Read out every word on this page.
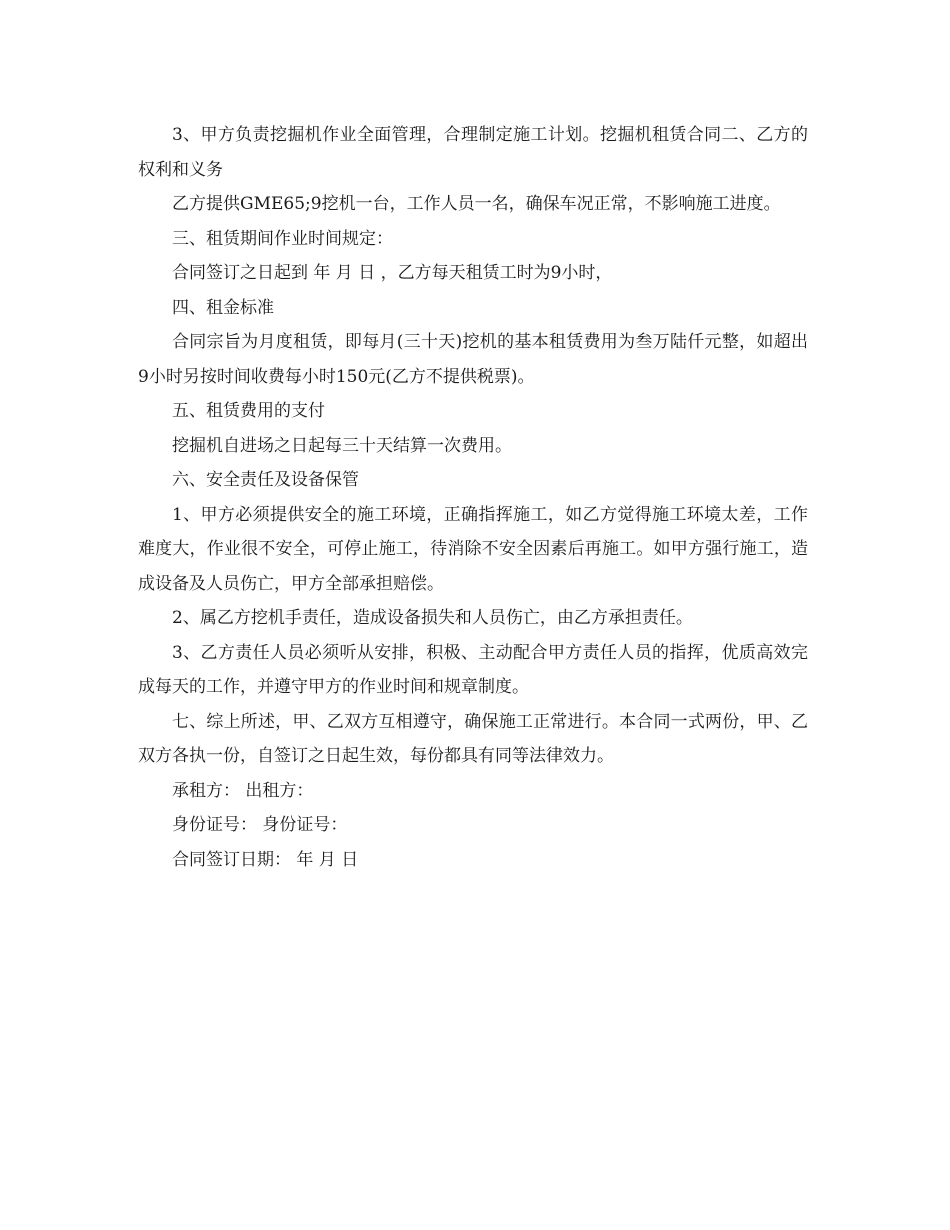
3、甲方负责挖掘机作业全面管理，合理制定施工计划。挖掘机租赁合同二、乙方的权利和义务

乙方提供GME65;9挖机一台，工作人员一名，确保车况正常，不影响施工进度。

三、租赁期间作业时间规定：

合同签订之日起到 年 月 日 ，乙方每天租赁工时为9小时，

四、租金标准

合同宗旨为月度租赁，即每月(三十天)挖机的基本租赁费用为叁万陆仟元整，如超出9小时另按时间收费每小时150元(乙方不提供税票)。

五、租赁费用的支付

挖掘机自进场之日起每三十天结算一次费用。

六、安全责任及设备保管

1、甲方必须提供安全的施工环境，正确指挥施工，如乙方觉得施工环境太差，工作难度大，作业很不安全，可停止施工，待消除不安全因素后再施工。如甲方强行施工，造成设备及人员伤亡，甲方全部承担赔偿。

2、属乙方挖机手责任，造成设备损失和人员伤亡，由乙方承担责任。

3、乙方责任人员必须听从安排，积极、主动配合甲方责任人员的指挥，优质高效完成每天的工作，并遵守甲方的作业时间和规章制度。

七、综上所述，甲、乙双方互相遵守，确保施工正常进行。本合同一式两份，甲、乙双方各执一份，自签订之日起生效，每份都具有同等法律效力。

承租方： 出租方：

身份证号： 身份证号：

合同签订日期： 年 月 日
